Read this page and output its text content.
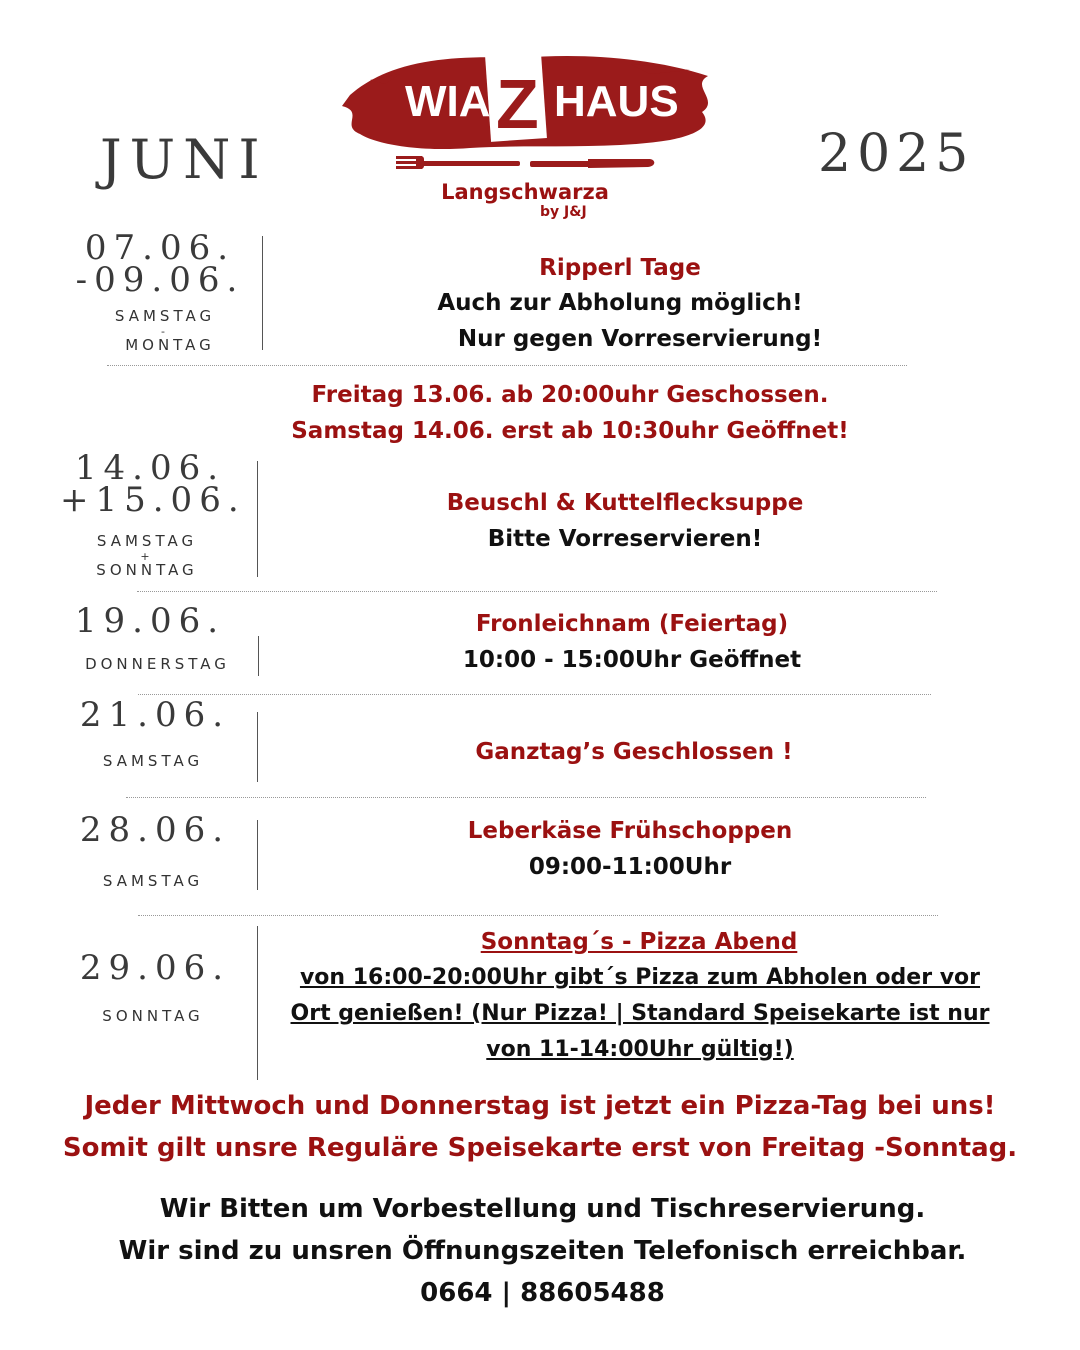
JUNI	2025
WIA Z HAUS
Langschwarza
by J&J
07.06.
-09.06.
SAMSTAG
-
MONTAG
Ripperl Tage
Auch zur Abholung möglich!
Nur gegen Vorreservierung!
Freitag 13.06. ab 20:00uhr Geschossen.
Samstag 14.06. erst ab 10:30uhr Geöffnet!
14.06.
+15.06.
SAMSTAG
+
SONNTAG
Beuschl & Kuttelflecksuppe
Bitte Vorreservieren!
19.06.
DONNERSTAG
Fronleichnam (Feiertag)
10:00 - 15:00Uhr Geöffnet
21.06.
SAMSTAG	Ganztag’s Geschlossen !
28.06.
SAMSTAG
Leberkäse Frühschoppen
09:00-11:00Uhr
29.06.
SONNTAG
Sonntag´s - Pizza Abend
von 16:00-20:00Uhr gibt´s Pizza zum Abholen oder vor
Ort genießen! (Nur Pizza! | Standard Speisekarte ist nur
von 11-14:00Uhr gültig!)
Jeder Mittwoch und Donnerstag ist jetzt ein Pizza-Tag bei uns!
Somit gilt unsre Reguläre Speisekarte erst von Freitag -Sonntag.
Wir Bitten um Vorbestellung und Tischreservierung.
Wir sind zu unsren Öffnungszeiten Telefonisch erreichbar.
0664 | 88605488
